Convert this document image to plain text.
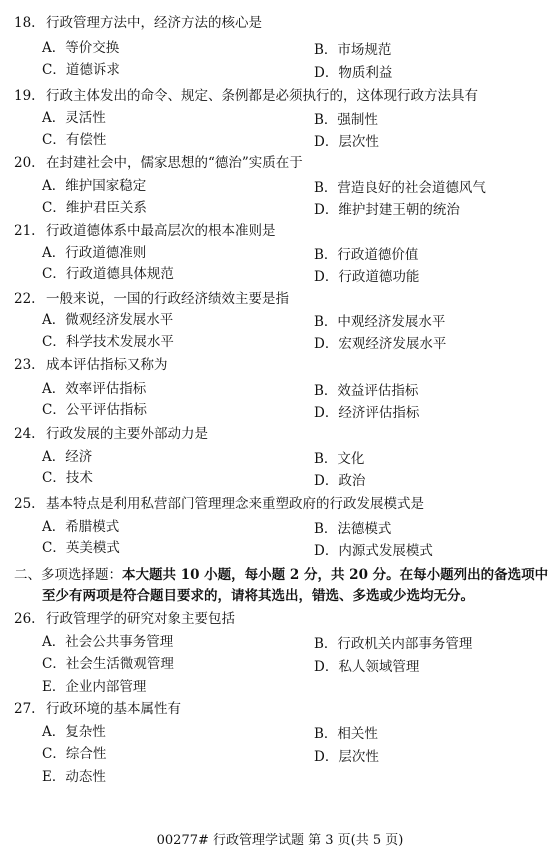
18. 行政管理方法中，经济方法的核心是
A．等价交换	B．市场规范
C．道德诉求	D．物质利益
19. 行政主体发出的命令、规定、条例都是必须执行的，这体现行政方法具有
A．灵活性	B．强制性
C．有偿性	D．层次性
20. 在封建社会中，儒家思想的“德治”实质在于
A．维护国家稳定	B．营造良好的社会道德风气
C．维护君臣关系	D．维护封建王朝的统治
21. 行政道德体系中最高层次的根本准则是
A．行政道德准则	B．行政道德价值
C．行政道德具体规范	D．行政道德功能
22. 一般来说，一国的行政经济绩效主要是指
A．微观经济发展水平	B．中观经济发展水平
C．科学技术发展水平	D．宏观经济发展水平
23. 成本评估指标又称为
A．效率评估指标	B．效益评估指标
C．公平评估指标	D．经济评估指标
24. 行政发展的主要外部动力是
A．经济	B．文化
C．技术	D．政治
25. 基本特点是利用私营部门管理理念来重塑政府的行政发展模式是
A．希腊模式	B．法德模式
C．英美模式	D．内源式发展模式
二、多项选择题：本大题共 10 小题，每小题 2 分，共 20 分。在每小题列出的备选项中
至少有两项是符合题目要求的，请将其选出，错选、多选或少选均无分。
26. 行政管理学的研究对象主要包括
A．社会公共事务管理	B．行政机关内部事务管理
C．社会生活微观管理	D．私人领域管理
E．企业内部管理
27. 行政环境的基本属性有
A．复杂性	B．相关性
C．综合性	D．层次性
E．动态性
00277# 行政管理学试题 第 3 页(共 5 页)
